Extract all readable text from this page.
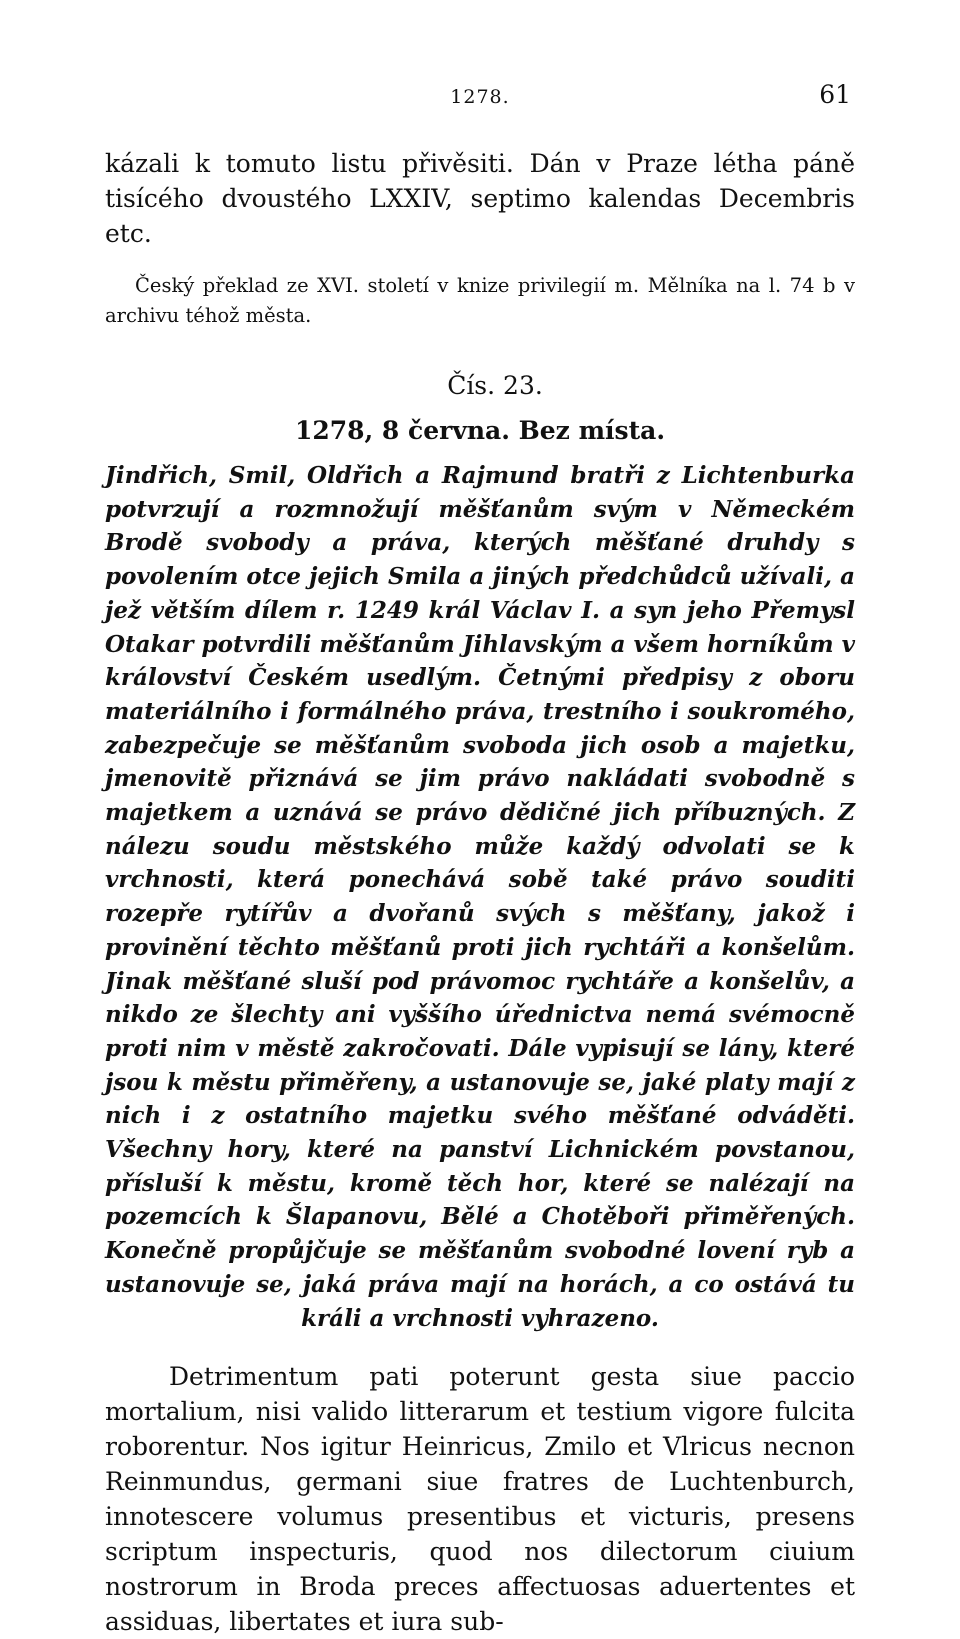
1278.	61

kázali k tomuto listu přivěsiti. Dán v Praze létha páně tisícého dvoustého LXXIV, septimo kalendas Decembris etc.

Český překlad ze XVI. století v knize privilegií m. Mělníka na l. 74 b v archivu téhož města.

Čís. 23.
1278, 8 června. Bez místa.

Jindřich, Smil, Oldřich a Rajmund bratři z Lichtenburka potvrzují a rozmnožují měšťanům svým v Německém Brodě svobody a práva, kterých měšťané druhdy s povolením otce jejich Smila a jiných předchůdců užívali, a jež větším dílem r. 1249 král Václav I. a syn jeho Přemysl Otakar potvrdili měšťanům Jihlavským a všem horníkům v království Českém usedlým. Četnými předpisy z oboru materiálního i formálného práva, trestního i soukromého, zabezpečuje se měšťanům svoboda jich osob a majetku, jmenovitě přiznává se jim právo nakládati svobodně s majetkem a uznává se právo dědičné jich příbuzných. Z nálezu soudu městského může každý odvolati se k vrchnosti, která ponechává sobě také právo souditi rozepře rytířův a dvořanů svých s měšťany, jakož i provinění těchto měšťanů proti jich rychtáři a konšelům. Jinak měšťané sluší pod právomoc rychtáře a konšelův, a nikdo ze šlechty ani vyššího úřednictva nemá svémocně proti nim v městě zakročovati. Dále vypisují se lány, které jsou k městu přiměřeny, a ustanovuje se, jaké platy mají z nich i z ostatního majetku svého měšťané odváděti. Všechny hory, které na panství Lichnickém povstanou, přísluší k městu, kromě těch hor, které se nalézají na pozemcích k Šlapanovu, Bělé a Chotěboři přiměřených. Konečně propůjčuje se měšťanům svobodné lovení ryb a ustanovuje se, jaká práva mají na horách, a co ostává tu králi a vrchnosti vyhrazeno.

Detrimentum pati poterunt gesta siue paccio mortalium, nisi valido litterarum et testium vigore fulcita roborentur. Nos igitur Heinricus, Zmilo et Vlricus necnon Reinmundus, germani siue fratres de Luchtenburch, innotescere volumus presentibus et victuris, presens scriptum inspecturis, quod nos dilectorum ciuium nostrorum in Broda preces affectuosas aduertentes et assiduas, libertates et iura sub-
